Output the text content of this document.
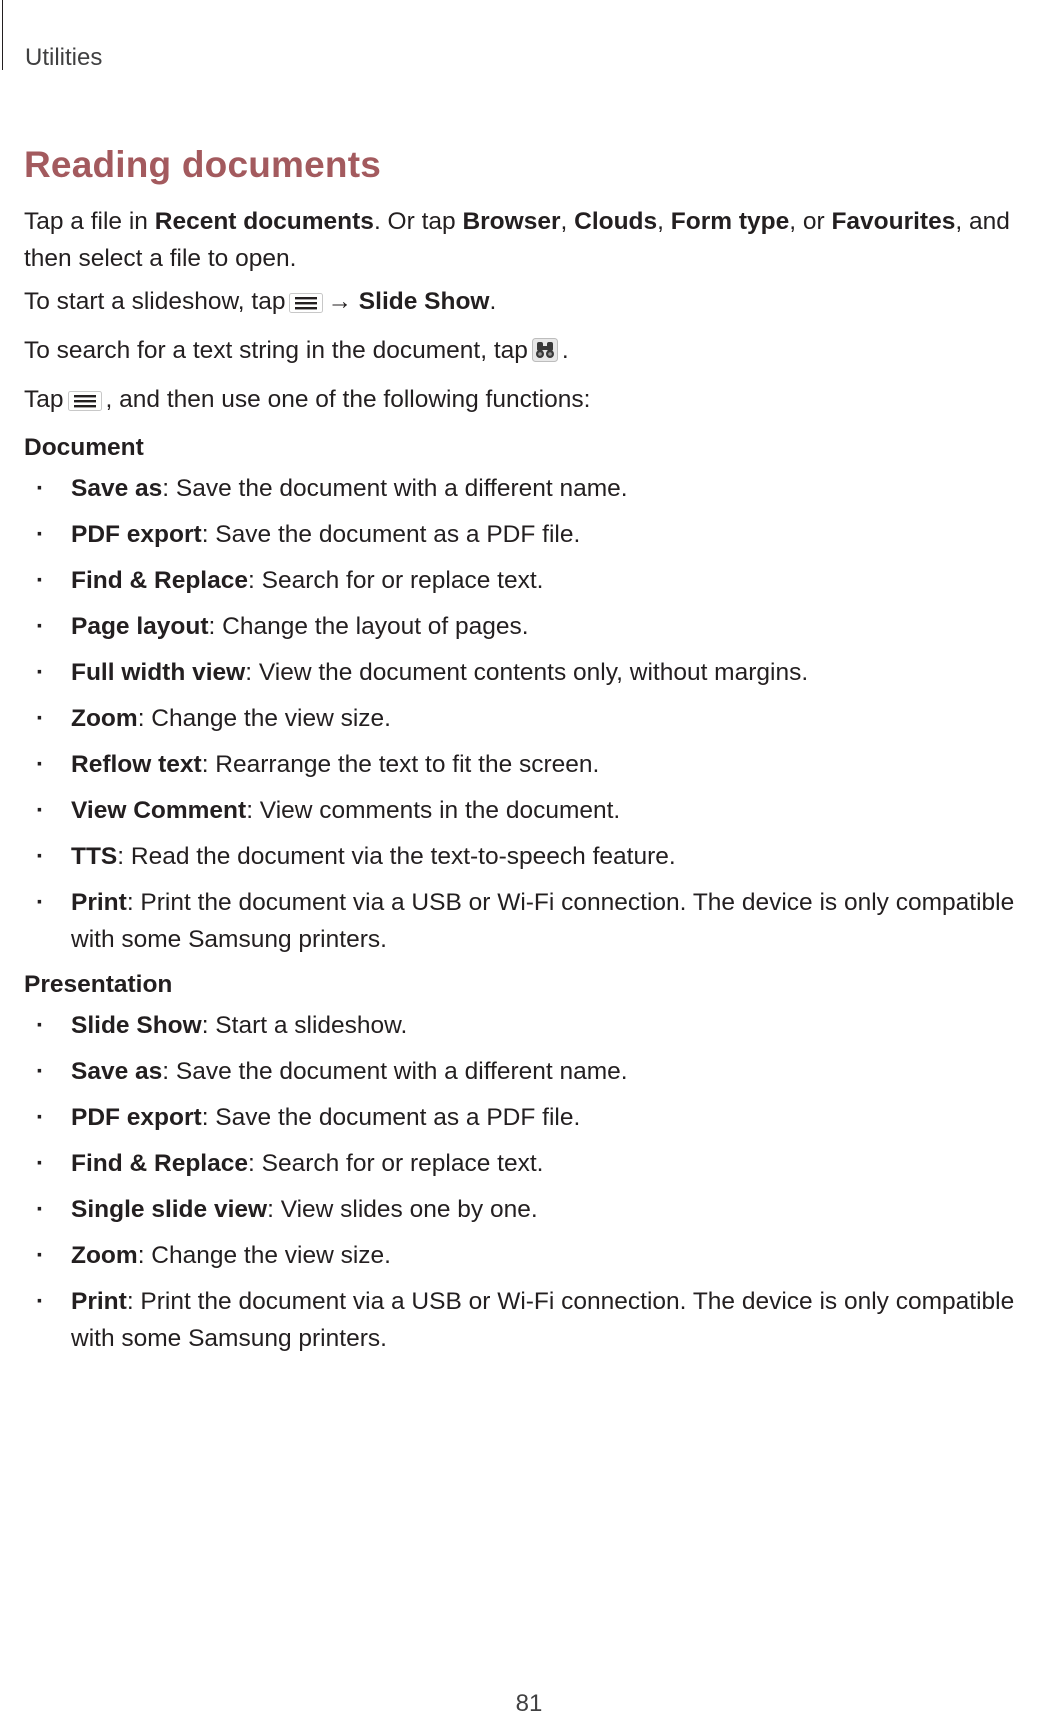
Utilities
Reading documents

Tap a file in Recent documents. Or tap Browser, Clouds, Form type, or Favourites, and then select a file to open.

To start a slideshow, tap → Slide Show.

To search for a text string in the document, tap .

Tap , and then use one of the following functions:

Document
· Save as: Save the document with a different name.
· PDF export: Save the document as a PDF file.
· Find & Replace: Search for or replace text.
· Page layout: Change the layout of pages.
· Full width view: View the document contents only, without margins.
· Zoom: Change the view size.
· Reflow text: Rearrange the text to fit the screen.
· View Comment: View comments in the document.
· TTS: Read the document via the text-to-speech feature.
· Print: Print the document via a USB or Wi-Fi connection. The device is only compatible with some Samsung printers.
Presentation
· Slide Show: Start a slideshow.
· Save as: Save the document with a different name.
· PDF export: Save the document as a PDF file.
· Find & Replace: Search for or replace text.
· Single slide view: View slides one by one.
· Zoom: Change the view size.
· Print: Print the document via a USB or Wi-Fi connection. The device is only compatible with some Samsung printers.
81
